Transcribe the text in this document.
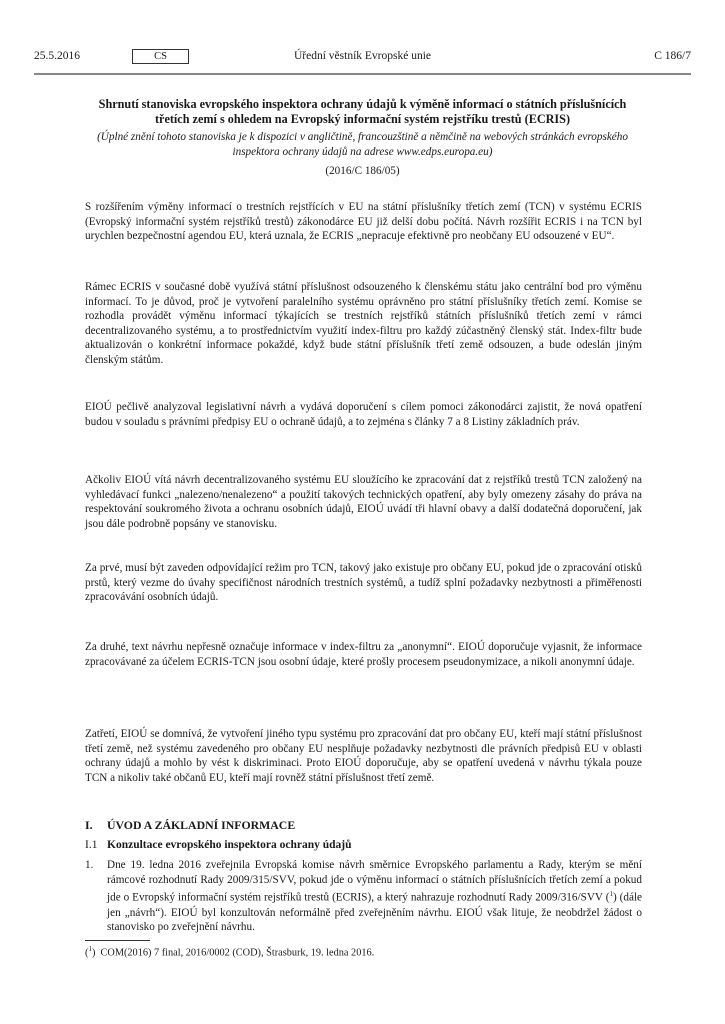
25.5.2016	CS	Úřední věstník Evropské unie	C 186/7
Shrnutí stanoviska evropského inspektora ochrany údajů k výměně informací o státních příslušnících třetích zemí s ohledem na Evropský informační systém rejstříku trestů (ECRIS)
(Úplné znění tohoto stanoviska je k dispozici v angličtině, francouzštině a němčině na webových stránkách evropského inspektora ochrany údajů na adrese www.edps.europa.eu)
(2016/C 186/05)
S rozšířením výměny informací o trestních rejstřících v EU na státní příslušníky třetích zemí (TCN) v systému ECRIS (Evropský informační systém rejstříků trestů) zákonodárce EU již delší dobu počítá. Návrh rozšířit ECRIS i na TCN byl urychlen bezpečnostní agendou EU, která uznala, že ECRIS „nepracuje efektivně pro neobčany EU odsouzené v EU“.
Rámec ECRIS v současné době využívá státní příslušnost odsouzeného k členskému státu jako centrální bod pro výměnu informací. To je důvod, proč je vytvoření paralelního systému oprávněno pro státní příslušníky třetích zemí. Komise se rozhodla provádět výměnu informací týkajících se trestních rejstříků státních příslušníků třetích zemí v rámci decentralizovaného systému, a to prostřednictvím využití index-filtru pro každý zúčastněný členský stát. Index-filtr bude aktualizován o konkrétní informace pokaždé, když bude státní příslušník třetí země odsouzen, a bude odeslán jiným členským státům.
EIOÚ pečlivě analyzoval legislativní návrh a vydává doporučení s cílem pomoci zákonodárci zajistit, že nová opatření budou v souladu s právními předpisy EU o ochraně údajů, a to zejména s články 7 a 8 Listiny základních práv.
Ačkoliv EIOÚ vítá návrh decentralizovaného systému EU sloužícího ke zpracování dat z rejstříků trestů TCN založený na vyhledávací funkci „nalezeno/nenalezeno“ a použití takových technických opatření, aby byly omezeny zásahy do práva na respektování soukromého života a ochranu osobních údajů, EIOÚ uvádí tři hlavní obavy a další dodatečná doporučení, jak jsou dále podrobně popsány ve stanovisku.
Za prvé, musí být zaveden odpovídající režim pro TCN, takový jako existuje pro občany EU, pokud jde o zpracování otisků prstů, který vezme do úvahy specifičnost národních trestních systémů, a tudíž splní požadavky nezbytnosti a přiměřenosti zpracovávání osobních údajů.
Za druhé, text návrhu nepřesně označuje informace v index-filtru za „anonymní“. EIOÚ doporučuje vyjasnit, že informace zpracovávané za účelem ECRIS-TCN jsou osobní údaje, které prošly procesem pseudonymizace, a nikoli anonymní údaje.
Zatřetí, EIOÚ se domnívá, že vytvoření jiného typu systému pro zpracování dat pro občany EU, kteří mají státní příslušnost třetí země, než systému zavedeného pro občany EU nesplňuje požadavky nezbytnosti dle právních předpisů EU v oblasti ochrany údajů a mohlo by vést k diskriminaci. Proto EIOÚ doporučuje, aby se opatření uvedená v návrhu týkala pouze TCN a nikoliv také občanů EU, kteří mají rovněž státní příslušnost třetí země.
I. ÚVOD A ZÁKLADNÍ INFORMACE
I.1 Konzultace evropského inspektora ochrany údajů
1. Dne 19. ledna 2016 zveřejnila Evropská komise návrh směrnice Evropského parlamentu a Rady, kterým se mění rámcové rozhodnutí Rady 2009/315/SVV, pokud jde o výměnu informací o státních příslušnících třetích zemí a pokud jde o Evropský informační systém rejstříků trestů (ECRIS), a který nahrazuje rozhodnutí Rady 2009/316/SVV ($^1$) (dále jen „návrh“). EIOÚ byl konzultován neformálně před zveřejněním návrhu. EIOÚ však lituje, že neobdržel žádost o stanovisko po zveřejnění návrhu.
($^1$)  COM(2016) 7 final, 2016/0002 (COD), Štrasburk, 19. ledna 2016.
